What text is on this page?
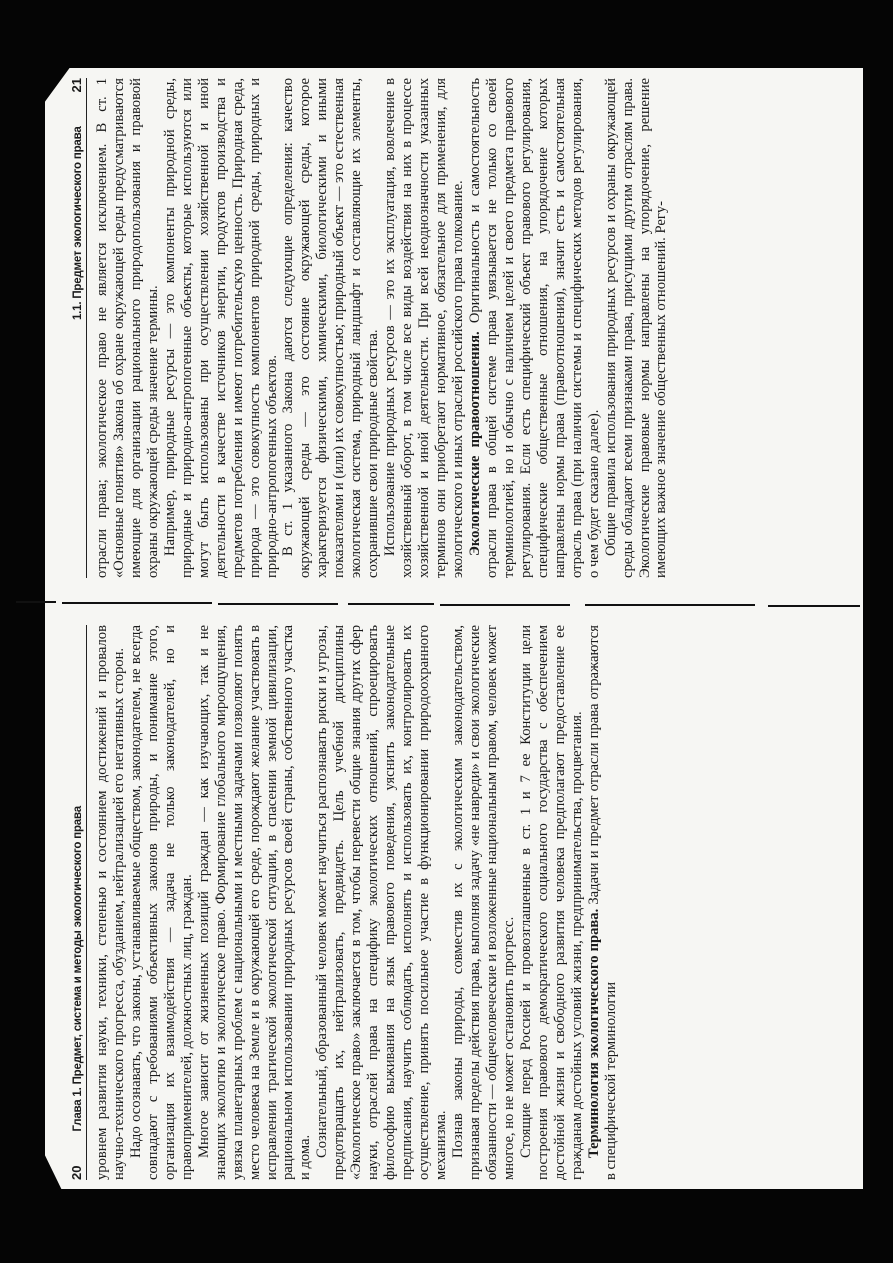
1.1. Предмет экологического права
21 отрасли права; экологическое право не является исключением. В ст. 1 «Основные понятия» Закона об охране окружающей среды предусматриваются имеющие для организации рационального природопользования и правовой охраны окружающей среды значение термины. Например, природные ресурсы — это компоненты природной среды, природные и природно-антропогенные объекты, которые используются или могут быть использованы при осуществлении хозяйственной и иной деятельности в качестве источников энергии, продуктов производства и предметов потребления и имеют потребительскую ценность. Природная среда, природа — это совокупность компонентов природной среды, природных и природно-антропогенных объектов. В ст. 1 указанного Закона даются следующие определения: качество окружающей среды — это состояние окружающей среды, которое характеризуется физическими, химическими, биологическими и иными показателями и (или) их совокупностью; природный объект — это естественная экологическая система, природный ландшафт и составляющие их элементы, сохранившие свои природные свойства. Использование природных ресурсов — это их эксплуатация, вовлечение в хозяйственный оборот, в том числе все виды воздействия на них в процессе хозяйственной и иной деятельности. При всей неоднозначности указанных терминов они приобретают нормативное, обязательное для применения, для экологического и иных отраслей российского права толкование. Экологические правоотношения. Оригинальность и самостоятельность отрасли права в общей системе права увязывается не только со своей терминологией, но и обычно с наличием целей и своего предмета правового регулирования. Если есть специфический объект правового регулирования, специфические общественные отношения, на упорядочение которых направлены нормы права (правоотношения), значит есть и самостоятельная отрасль права (при наличии системы и специфических методов регулирования, о чем будет сказано далее). Общие правила использования природных ресурсов и охраны окружающей среды обладают всеми признаками права, присущими другим отраслям права. Экологические правовые нормы направлены на упорядочение, решение имеющих важное значение общественных отношений. Регу-

20
Глава 1. Предмет, система и методы экологического права уровнем развития науки, техники, степенью и состоянием достижений и провалов научно-технического прогресса, обузданием, нейтрализацией его негативных сторон. Надо осознавать, что законы, устанавливаемые обществом, законодателем, не всегда совпадают с требованиями объективных законов природы, и понимание этого, организация их взаимодействия — задача не только законодателей, но и правоприменителей, должностных лиц, граждан. Многое зависит от жизненных позиций граждан — как изучающих, так и не знающих экологию и экологическое право. Формирование глобального мироощущения, увязка планетарных проблем с национальными и местными задачами позволяют понять место человека на Земле и в окружающей его среде, порождают желание участвовать в исправлении трагической экологической ситуации, в спасении земной цивилизации, рациональном использовании природных ресурсов своей страны, собственного участка и дома. Сознательный, образованный человек может научиться распознавать риски и угрозы, предотвращать их, нейтрализовать, предвидеть. Цель учебной дисциплины «Экологическое право» заключается в том, чтобы перевести общие знания других сфер науки, отраслей права на специфику экологических отношений, спроецировать философию выживания на язык правового поведения, уяснить законодательные предписания, научить соблюдать, исполнять и использовать их, контролировать их осуществление, принять посильное участие в функционировании природоохранного механизма. Познав законы природы, совместив их с экологическим законодательством, признавая пределы действия права, выполняя задачу «не навреди» и свои экологические обязанности — общечеловеческие и возложенные национальным правом, человек может многое, но не может остановить прогресс. Стоящие перед Россией и провозглашенные в ст. 1 и 7 ее Конституции цели построения правового демократического социального государства с обеспечением достойной жизни и свободного развития человека предполагают предоставление ее гражданам достойных условий жизни, предпринимательства, процветания. Терминология экологического права. Задачи и предмет отрасли права отражаются в специфической терминологии
